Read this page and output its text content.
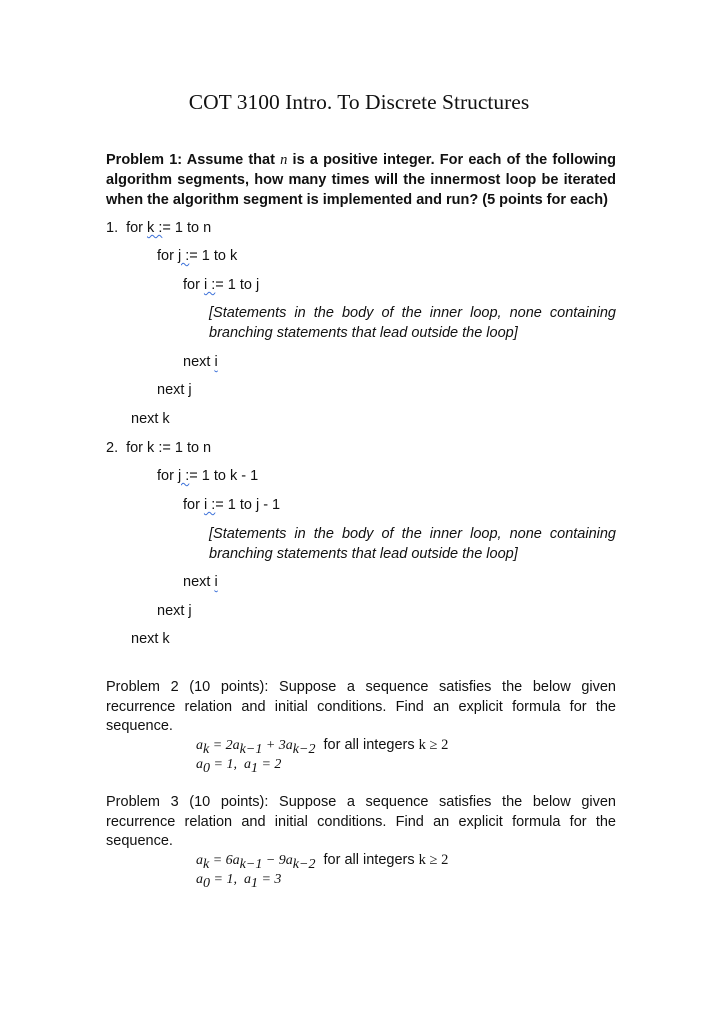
COT 3100 Intro. To Discrete Structures
Problem 1: Assume that n is a positive integer. For each of the following algorithm segments, how many times will the innermost loop be iterated when the algorithm segment is implemented and run? (5 points for each)
1. for k := 1 to n
for j := 1 to k
for i := 1 to j
[Statements in the body of the inner loop, none containing branching statements that lead outside the loop]
next i
next j
next k
2. for k := 1 to n
for j := 1 to k - 1
for i := 1 to j - 1
[Statements in the body of the inner loop, none containing branching statements that lead outside the loop]
next i
next j
next k
Problem 2 (10 points): Suppose a sequence satisfies the below given recurrence relation and initial conditions. Find an explicit formula for the sequence.
$a_k = 2a_{k-1} + 3a_{k-2}$  for all integers k ≥ 2
$a_0 = 1$,  $a_1 = 2$
Problem 3 (10 points): Suppose a sequence satisfies the below given recurrence relation and initial conditions. Find an explicit formula for the sequence.
$a_k = 6a_{k-1} - 9a_{k-2}$  for all integers k ≥ 2
$a_0 = 1$,  $a_1 = 3$
